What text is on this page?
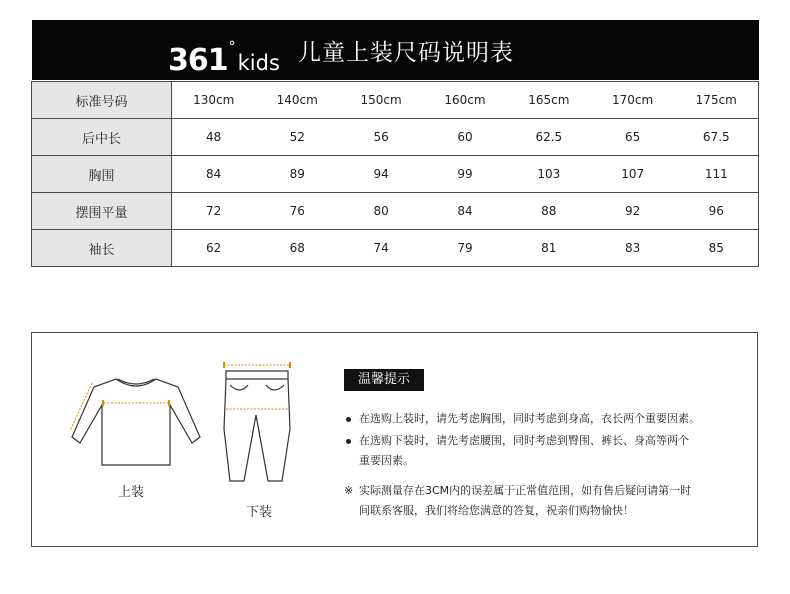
361 °
kids 儿童上装尺码说明表
标准号码	130cm	140cm	150cm	160cm	165cm	170cm	175cm
后中长	48	52	56	60	62.5	65	67.5
胸围	84	89	94	99	103	107	111
摆围平量	72	76	80	84	88	92	96
袖长	62	68	74	79	81	83	85
上装
下装
温馨提示
在选购上装时，请先考虑胸围，同时考虑到身高，衣长两个重要因素。
在选购下装时，请先考虑腰围，同时考虑到臀围、裤长、身高等两个
重要因素。
※ 实际测量存在3CM内的误差属于正常值范围，如有售后疑问请第一时
间联系客服，我们将给您满意的答复，祝亲们购物愉快！
